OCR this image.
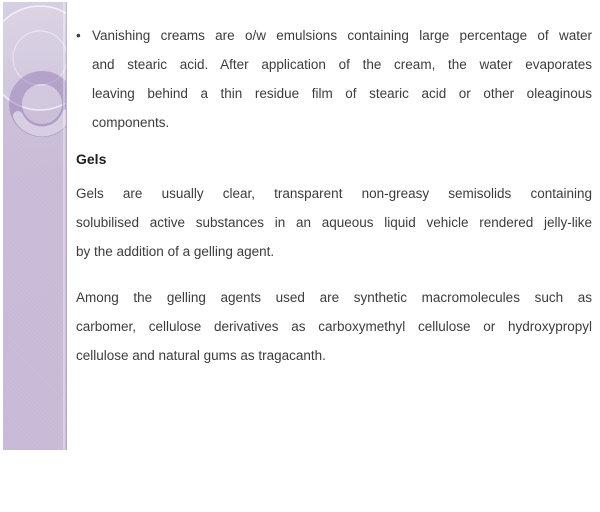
• Vanishing creams are o/w emulsions containing large percentage of water
and stearic acid. After application of the cream, the water evaporates
leaving behind a thin residue film of stearic acid or other oleaginous
components.
Gels
Gels are usually clear, transparent non-greasy semisolids containing
solubilised active substances in an aqueous liquid vehicle rendered jelly-like
by the addition of a gelling agent.
Among the gelling agents used are synthetic macromolecules such as
carbomer, cellulose derivatives as carboxymethyl cellulose or hydroxypropyl
cellulose and natural gums as tragacanth.
